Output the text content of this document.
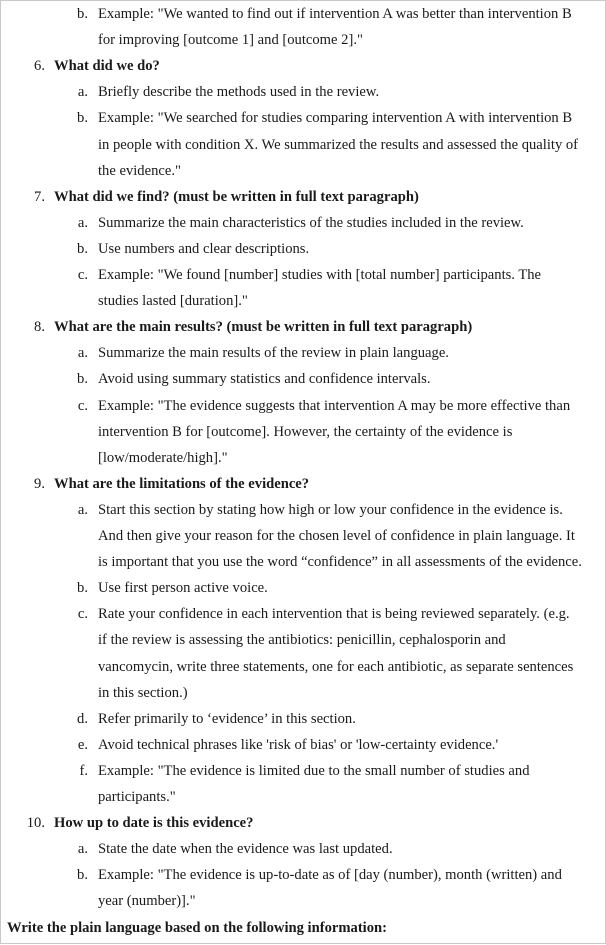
b. Example: "We wanted to find out if intervention A was better than intervention B
for improving [outcome 1] and [outcome 2]."
6. What did we do?
a. Briefly describe the methods used in the review.
b. Example: "We searched for studies comparing intervention A with intervention B
in people with condition X. We summarized the results and assessed the quality of
the evidence."
7. What did we find? (must be written in full text paragraph)
a. Summarize the main characteristics of the studies included in the review.
b. Use numbers and clear descriptions.
c. Example: "We found [number] studies with [total number] participants. The
studies lasted [duration]."
8. What are the main results? (must be written in full text paragraph)
a. Summarize the main results of the review in plain language.
b. Avoid using summary statistics and confidence intervals.
c. Example: "The evidence suggests that intervention A may be more effective than
intervention B for [outcome]. However, the certainty of the evidence is
[low/moderate/high]."
9. What are the limitations of the evidence?
a. Start this section by stating how high or low your confidence in the evidence is.
And then give your reason for the chosen level of confidence in plain language. It
is important that you use the word “confidence” in all assessments of the evidence.
b. Use first person active voice.
c. Rate your confidence in each intervention that is being reviewed separately. (e.g.
if the review is assessing the antibiotics: penicillin, cephalosporin and
vancomycin, write three statements, one for each antibiotic, as separate sentences
in this section.)
d. Refer primarily to ‘evidence’ in this section.
e. Avoid technical phrases like 'risk of bias' or 'low-certainty evidence.'
f. Example: "The evidence is limited due to the small number of studies and
participants."
10. How up to date is this evidence?
a. State the date when the evidence was last updated.
b. Example: "The evidence is up-to-date as of [day (number), month (written) and
year (number)]."
Write the plain language based on the following information:
